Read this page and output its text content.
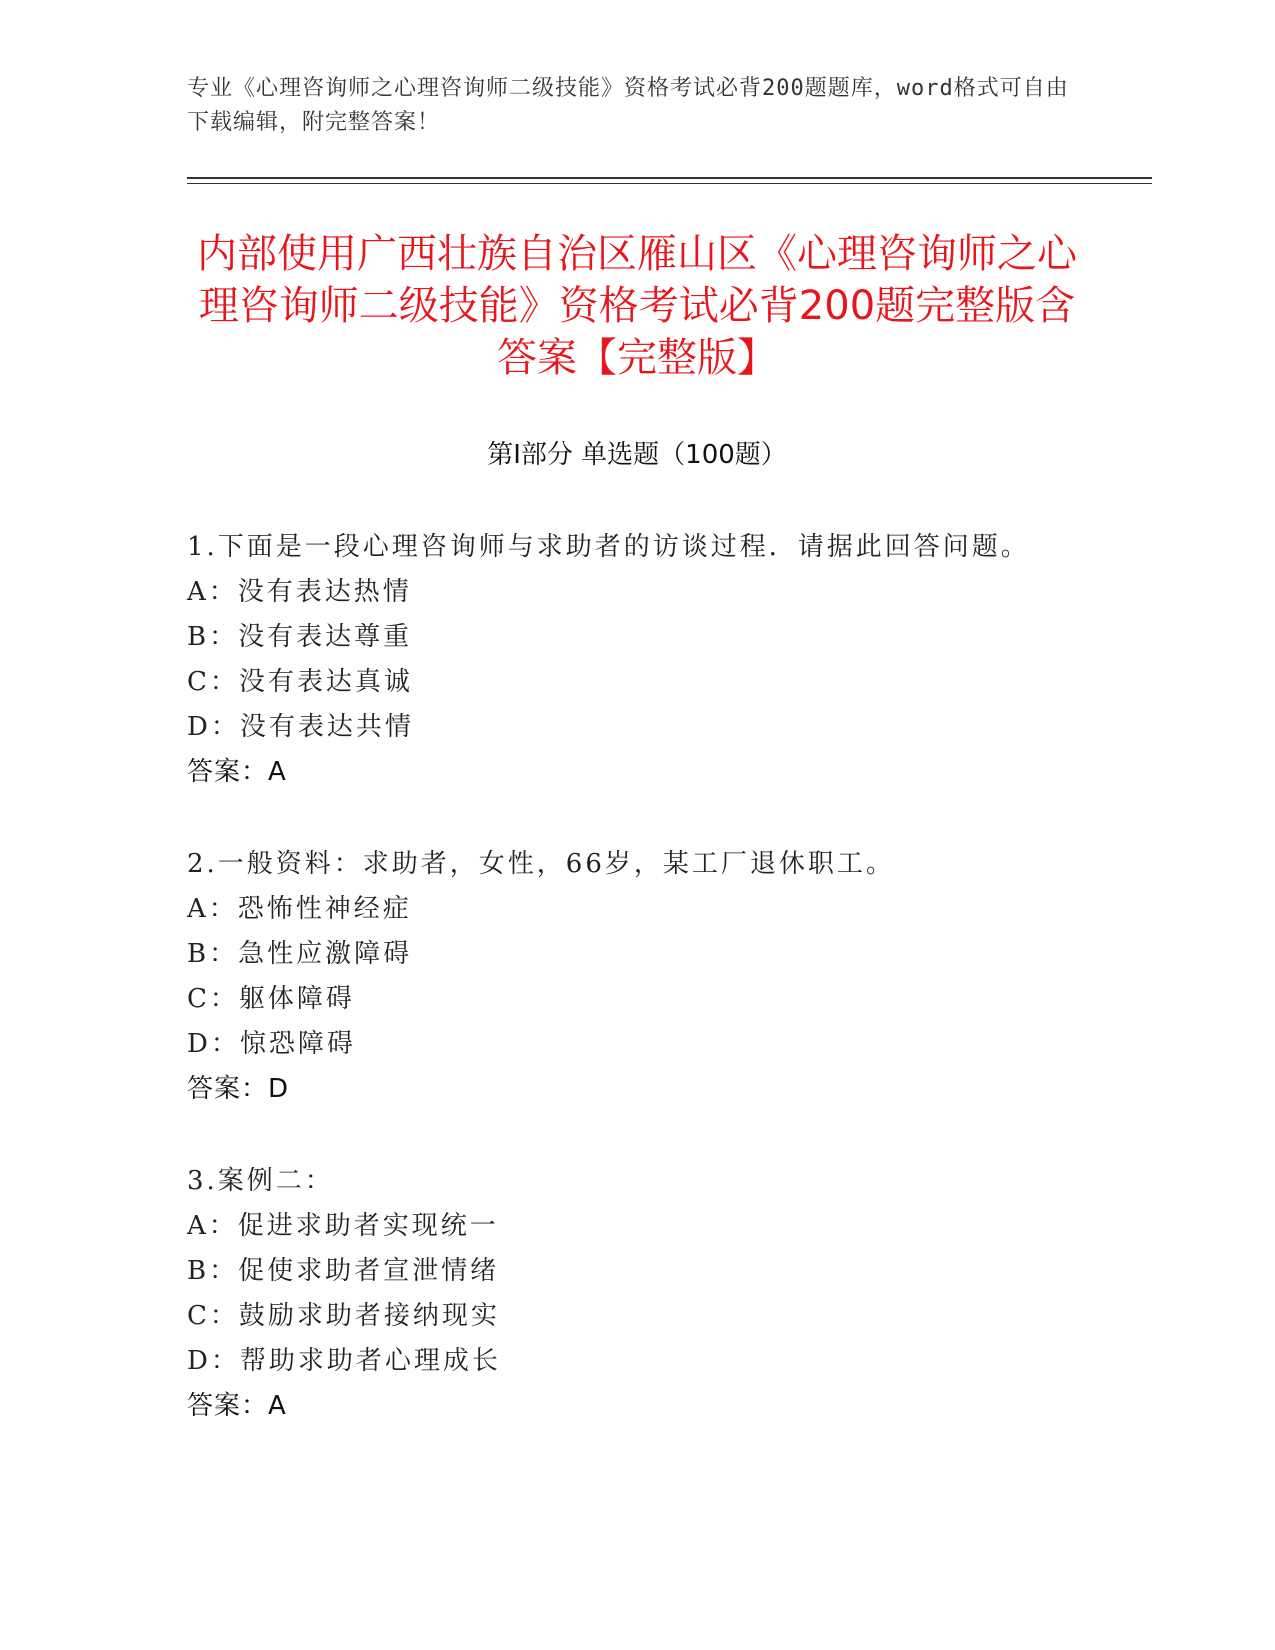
专业《心理咨询师之心理咨询师二级技能》资格考试必背200题题库，word格式可自由下载编辑，附完整答案！
内部使用广西壮族自治区雁山区《心理咨询师之心理咨询师二级技能》资格考试必背200题完整版含答案【完整版】
第Ⅰ部分 单选题（100题）
1.下面是一段心理咨询师与求助者的访谈过程．请据此回答问题。
A：没有表达热情
B：没有表达尊重
C：没有表达真诚
D：没有表达共情
答案：A
2.一般资料：求助者，女性，66岁，某工厂退休职工。
A：恐怖性神经症
B：急性应激障碍
C：躯体障碍
D：惊恐障碍
答案：D
3.案例二：
A：促进求助者实现统一
B：促使求助者宣泄情绪
C：鼓励求助者接纳现实
D：帮助求助者心理成长
答案：A
